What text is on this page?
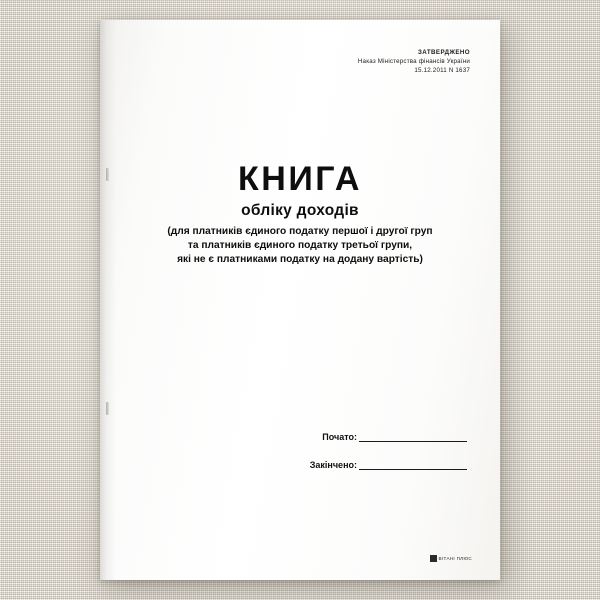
ЗАТВЕРДЖЕНО
Наказ Міністерства фінансів України
15.12.2011 N 1637
КНИГА
обліку доходів
(для платників єдиного податку першої і другої груп
та платників єдиного податку третьої групи,
які не є платниками податку на додану вартість)
Почато:
Закінчено:
ВІТАНІ ПЛЮС
